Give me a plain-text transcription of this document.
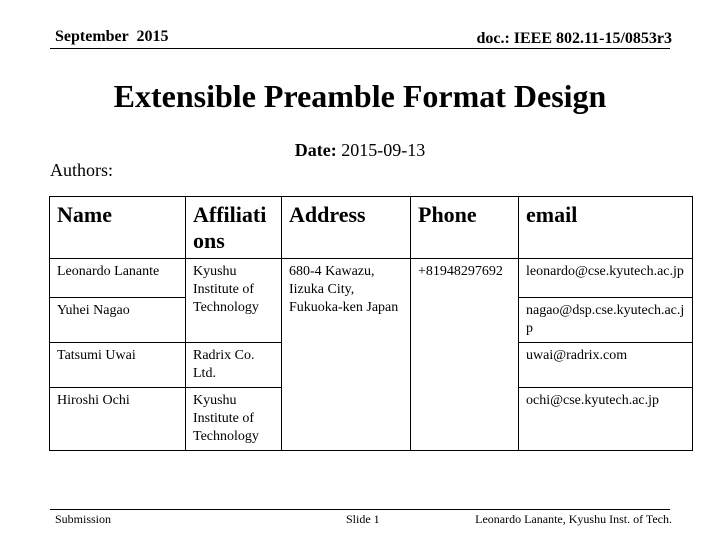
September  2015	doc.: IEEE 802.11-15/0853r3
Extensible Preamble Format Design
Date: 2015-09-13
Authors:
Name	Affiliati ons	Address	Phone	email
Leonardo Lanante	Kyushu Institute of Technology	680-4 Kawazu, Iizuka City, Fukuoka-ken Japan	+81948297692	leonardo@cse.kyutech.ac.jp
Yuhei Nagao				nagao@dsp.cse.kyutech.ac.jp
Tatsumi Uwai	Radrix Co. Ltd.			uwai@radrix.com
Hiroshi Ochi	Kyushu Institute of Technology			ochi@cse.kyutech.ac.jp
Submission	Slide 1	Leonardo Lanante, Kyushu Inst. of Tech.
